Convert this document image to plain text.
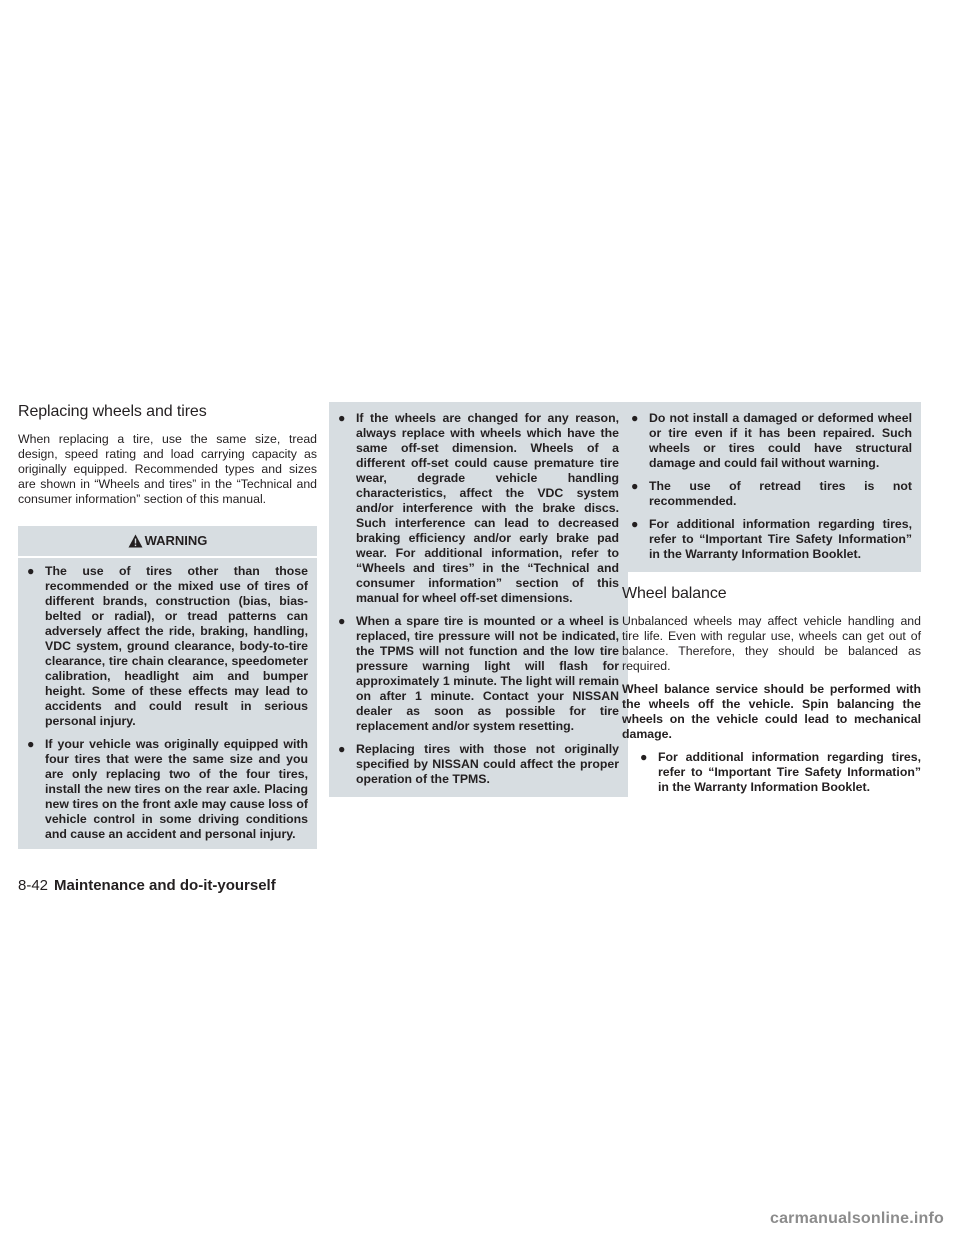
Replacing wheels and tires

When replacing a tire, use the same size, tread design, speed rating and load carrying capacity as originally equipped. Recommended types and sizes are shown in “Wheels and tires” in the “Technical and consumer information” section of this manual.

WARNING
● The use of tires other than those recommended or the mixed use of tires of different brands, construction (bias, bias-belted or radial), or tread patterns can adversely affect the ride, braking, handling, VDC system, ground clearance, body-to-tire clearance, tire chain clearance, speedometer calibration, headlight aim and bumper height. Some of these effects may lead to accidents and could result in serious personal injury.
● If your vehicle was originally equipped with four tires that were the same size and you are only replacing two of the four tires, install the new tires on the rear axle. Placing new tires on the front axle may cause loss of vehicle control in some driving conditions and cause an accident and personal injury.
● If the wheels are changed for any reason, always replace with wheels which have the same off-set dimension. Wheels of a different off-set could cause premature tire wear, degrade vehicle handling characteristics, affect the VDC system and/or interference with the brake discs. Such interference can lead to decreased braking efficiency and/or early brake pad wear. For additional information, refer to “Wheels and tires” in the “Technical and consumer information” section of this manual for wheel off-set dimensions.
● When a spare tire is mounted or a wheel is replaced, tire pressure will not be indicated, the TPMS will not function and the low tire pressure warning light will flash for approximately 1 minute. The light will remain on after 1 minute. Contact your NISSAN dealer as soon as possible for tire replacement and/or system resetting.
● Replacing tires with those not originally specified by NISSAN could affect the proper operation of the TPMS.
● Do not install a damaged or deformed wheel or tire even if it has been repaired. Such wheels or tires could have structural damage and could fail without warning.
● The use of retread tires is not recommended.
● For additional information regarding tires, refer to “Important Tire Safety Information” in the Warranty Information Booklet.
Wheel balance

Unbalanced wheels may affect vehicle handling and tire life. Even with regular use, wheels can get out of balance. Therefore, they should be balanced as required.

Wheel balance service should be performed with the wheels off the vehicle. Spin balancing the wheels on the vehicle could lead to mechanical damage.

● For additional information regarding tires, refer to “Important Tire Safety Information” in the Warranty Information Booklet.
8-42 Maintenance and do-it-yourself
carmanualsonline.info
